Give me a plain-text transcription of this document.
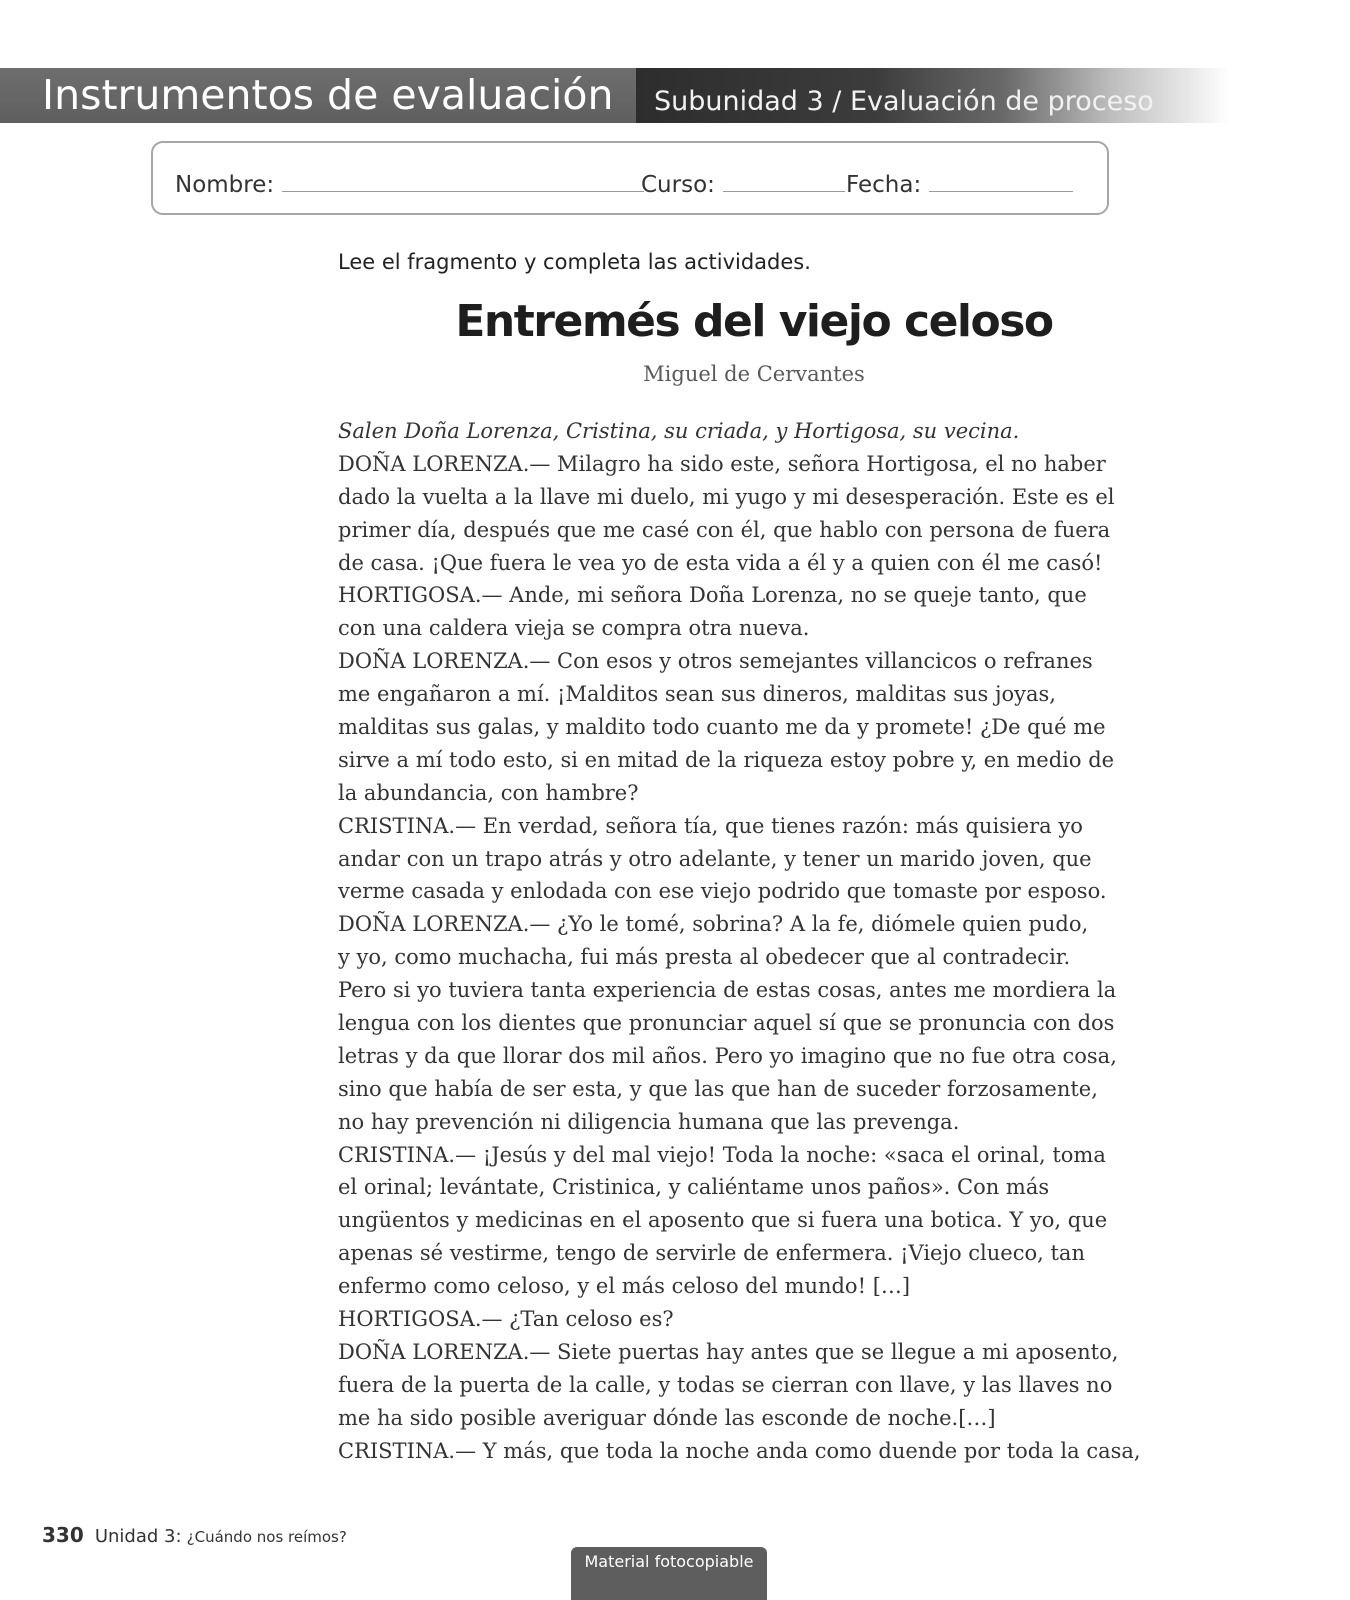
Instrumentos de evaluación	Subunidad 3 / Evaluación de proceso
Nombre:	Curso:	Fecha:
Lee el fragmento y completa las actividades.
Entremés del viejo celoso
Miguel de Cervantes
Salen Doña Lorenza, Cristina, su criada, y Hortigosa, su vecina.
DOÑA LORENZA.— Milagro ha sido este, señora Hortigosa, el no haber
dado la vuelta a la llave mi duelo, mi yugo y mi desesperación. Este es el
primer día, después que me casé con él, que hablo con persona de fuera
de casa. ¡Que fuera le vea yo de esta vida a él y a quien con él me casó!
HORTIGOSA.— Ande, mi señora Doña Lorenza, no se queje tanto, que
con una caldera vieja se compra otra nueva.
DOÑA LORENZA.— Con esos y otros semejantes villancicos o refranes
me engañaron a mí. ¡Malditos sean sus dineros, malditas sus joyas,
malditas sus galas, y maldito todo cuanto me da y promete! ¿De qué me
sirve a mí todo esto, si en mitad de la riqueza estoy pobre y, en medio de
la abundancia, con hambre?
CRISTINA.— En verdad, señora tía, que tienes razón: más quisiera yo
andar con un trapo atrás y otro adelante, y tener un marido joven, que
verme casada y enlodada con ese viejo podrido que tomaste por esposo.
DOÑA LORENZA.— ¿Yo le tomé, sobrina? A la fe, diómele quien pudo,
y yo, como muchacha, fui más presta al obedecer que al contradecir.
Pero si yo tuviera tanta experiencia de estas cosas, antes me mordiera la
lengua con los dientes que pronunciar aquel sí que se pronuncia con dos
letras y da que llorar dos mil años. Pero yo imagino que no fue otra cosa,
sino que había de ser esta, y que las que han de suceder forzosamente,
no hay prevención ni diligencia humana que las prevenga.
CRISTINA.— ¡Jesús y del mal viejo! Toda la noche: «saca el orinal, toma
el orinal; levántate, Cristinica, y caliéntame unos paños». Con más
ungüentos y medicinas en el aposento que si fuera una botica. Y yo, que
apenas sé vestirme, tengo de servirle de enfermera. ¡Viejo clueco, tan
enfermo como celoso, y el más celoso del mundo! […]
HORTIGOSA.— ¿Tan celoso es?
DOÑA LORENZA.— Siete puertas hay antes que se llegue a mi aposento,
fuera de la puerta de la calle, y todas se cierran con llave, y las llaves no
me ha sido posible averiguar dónde las esconde de noche.[…]
CRISTINA.— Y más, que toda la noche anda como duende por toda la casa,
330 Unidad 3: ¿Cuándo nos reímos?
Material fotocopiable
